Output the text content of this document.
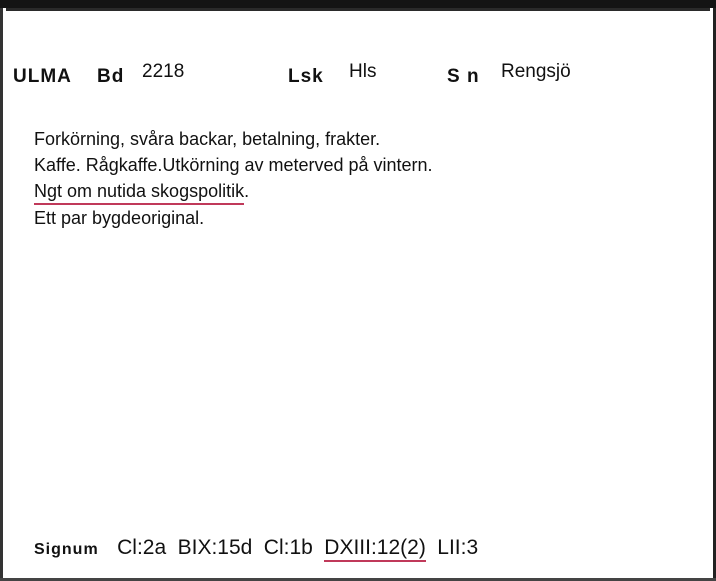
ULMA Bd 2218	Lsk Hls	S n Rengsjö
Forkörning, svåra backar, betalning, frakter.
Kaffe. Rågkaffe.Utkörning av meterved på vintern.
Ngt om nutida skogspolitik.
Ett par bygdeoriginal.
Signum Cl:2a BIX:15d Cl:1b DXIII:12(2) LII:3
